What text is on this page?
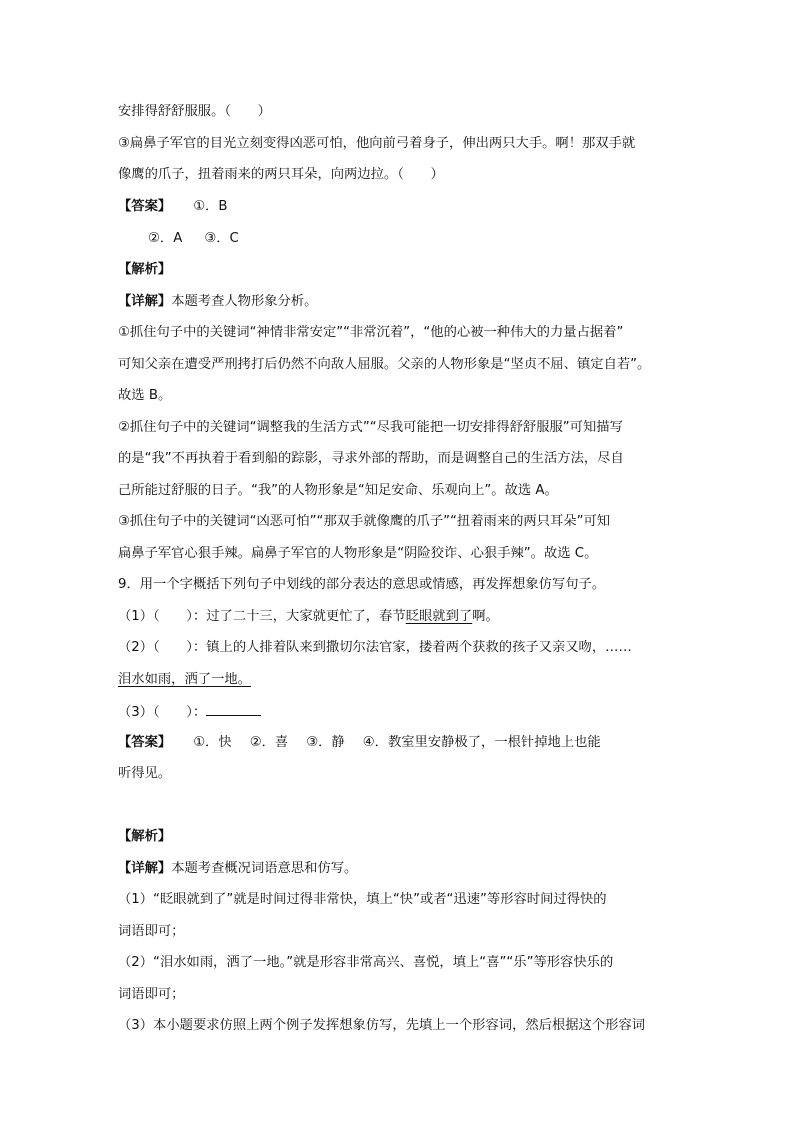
安排得舒舒服服。（　　）
③扁鼻子军官的目光立刻变得凶恶可怕，他向前弓着身子，伸出两只大手。啊！那双手就
像鹰的爪子，扭着雨来的两只耳朵，向两边拉。（　　）
【答案】 ①．B
②．A ③．C
【解析】
【详解】本题考查人物形象分析。
①抓住句子中的关键词“神情非常安定”“非常沉着”，“他的心被一种伟大的力量占据着”
可知父亲在遭受严刑拷打后仍然不向敌人屈服。父亲的人物形象是“坚贞不屈、镇定自若”。
故选 B。
②抓住句子中的关键词“调整我的生活方式”“尽我可能把一切安排得舒舒服服”可知描写
的是“我”不再执着于看到船的踪影，寻求外部的帮助，而是调整自己的生活方法，尽自
己所能过舒服的日子。“我”的人物形象是“知足安命、乐观向上”。故选 A。
③抓住句子中的关键词“凶恶可怕”“那双手就像鹰的爪子”“扭着雨来的两只耳朵”可知
扁鼻子军官心狠手辣。扁鼻子军官的人物形象是“阴险狡诈、心狠手辣”。故选 C。
9．用一个字概括下列句子中划线的部分表达的意思或情感，再发挥想象仿写句子。
（1）（　　）：过了二十三，大家就更忙了，春节眨眼就到了啊。
（2）（　　）：镇上的人排着队来到撒切尔法官家，搂着两个获救的孩子又亲又吻，……
泪水如雨，洒了一地。
（3）（　　）：
【答案】 ①．快 ②．喜 ③．静 ④．教室里安静极了，一根针掉地上也能
听得见。
【解析】
【详解】本题考查概况词语意思和仿写。
（1）“眨眼就到了”就是时间过得非常快，填上“快”或者“迅速”等形容时间过得快的
词语即可；
（2）“泪水如雨，洒了一地。”就是形容非常高兴、喜悦，填上“喜”“乐”等形容快乐的
词语即可；
（3）本小题要求仿照上两个例子发挥想象仿写，先填上一个形容词，然后根据这个形容词
